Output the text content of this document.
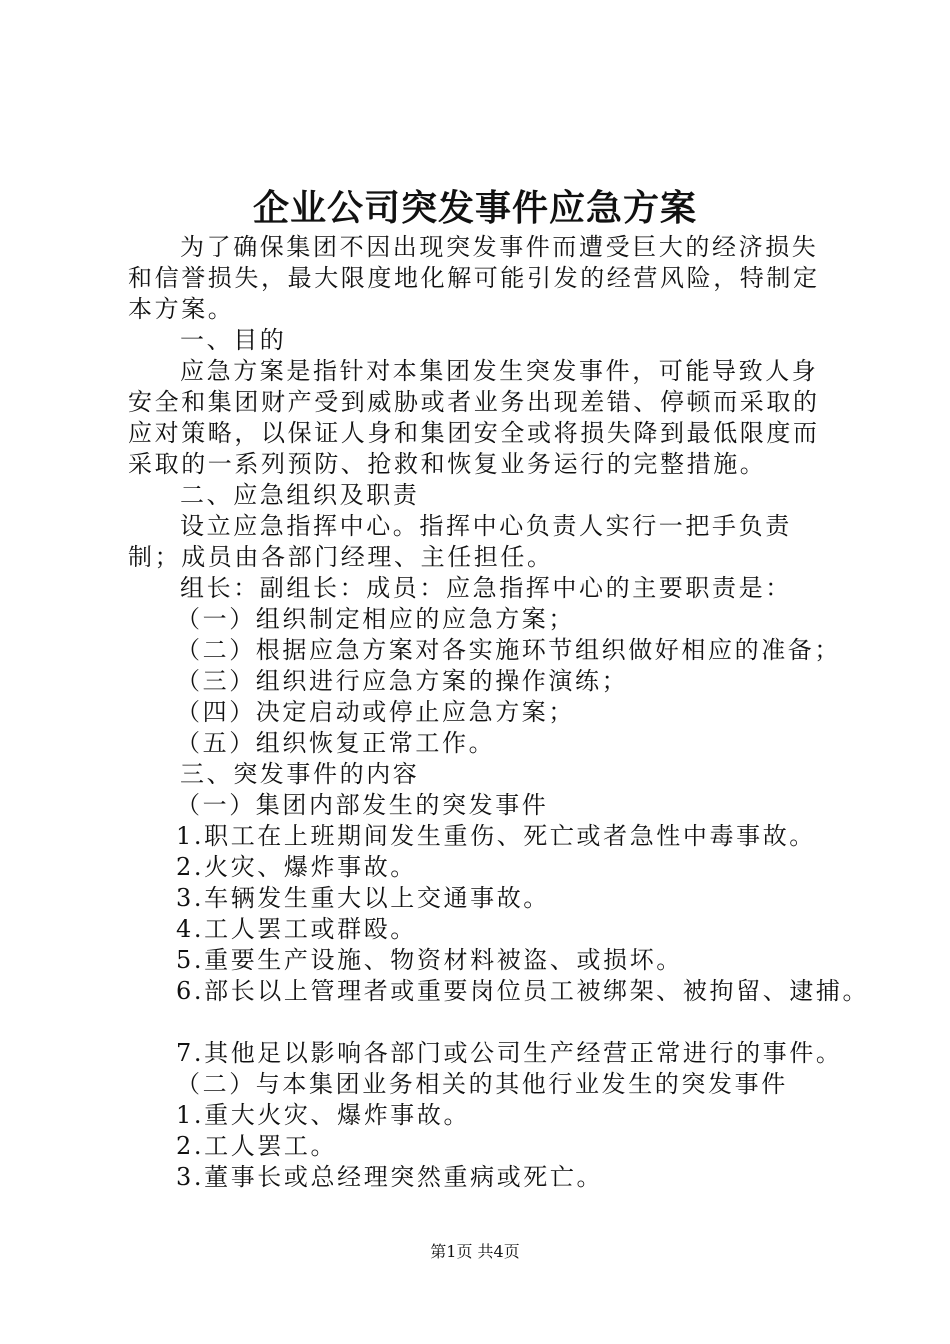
企业公司突发事件应急方案

为了确保集团不因出现突发事件而遭受巨大的经济损失和信誉损失，最大限度地化解可能引发的经营风险，特制定本方案。

一、目的

应急方案是指针对本集团发生突发事件，可能导致人身安全和集团财产受到威胁或者业务出现差错、停顿而采取的应对策略，以保证人身和集团安全或将损失降到最低限度而采取的一系列预防、抢救和恢复业务运行的完整措施。

二、应急组织及职责

设立应急指挥中心。指挥中心负责人实行一把手负责制；成员由各部门经理、主任担任。

组长：副组长：成员：应急指挥中心的主要职责是：

（一）组织制定相应的应急方案；

（二）根据应急方案对各实施环节组织做好相应的准备；

（三）组织进行应急方案的操作演练；

（四）决定启动或停止应急方案；

（五）组织恢复正常工作。

三、突发事件的内容

（一）集团内部发生的突发事件

1.职工在上班期间发生重伤、死亡或者急性中毒事故。

2.火灾、爆炸事故。

3.车辆发生重大以上交通事故。

4.工人罢工或群殴。

5.重要生产设施、物资材料被盗、或损坏。

6.部长以上管理者或重要岗位员工被绑架、被拘留、逮捕。

7.其他足以影响各部门或公司生产经营正常进行的事件。

（二）与本集团业务相关的其他行业发生的突发事件

1.重大火灾、爆炸事故。

2.工人罢工。

3.董事长或总经理突然重病或死亡。

第1页 共4页
